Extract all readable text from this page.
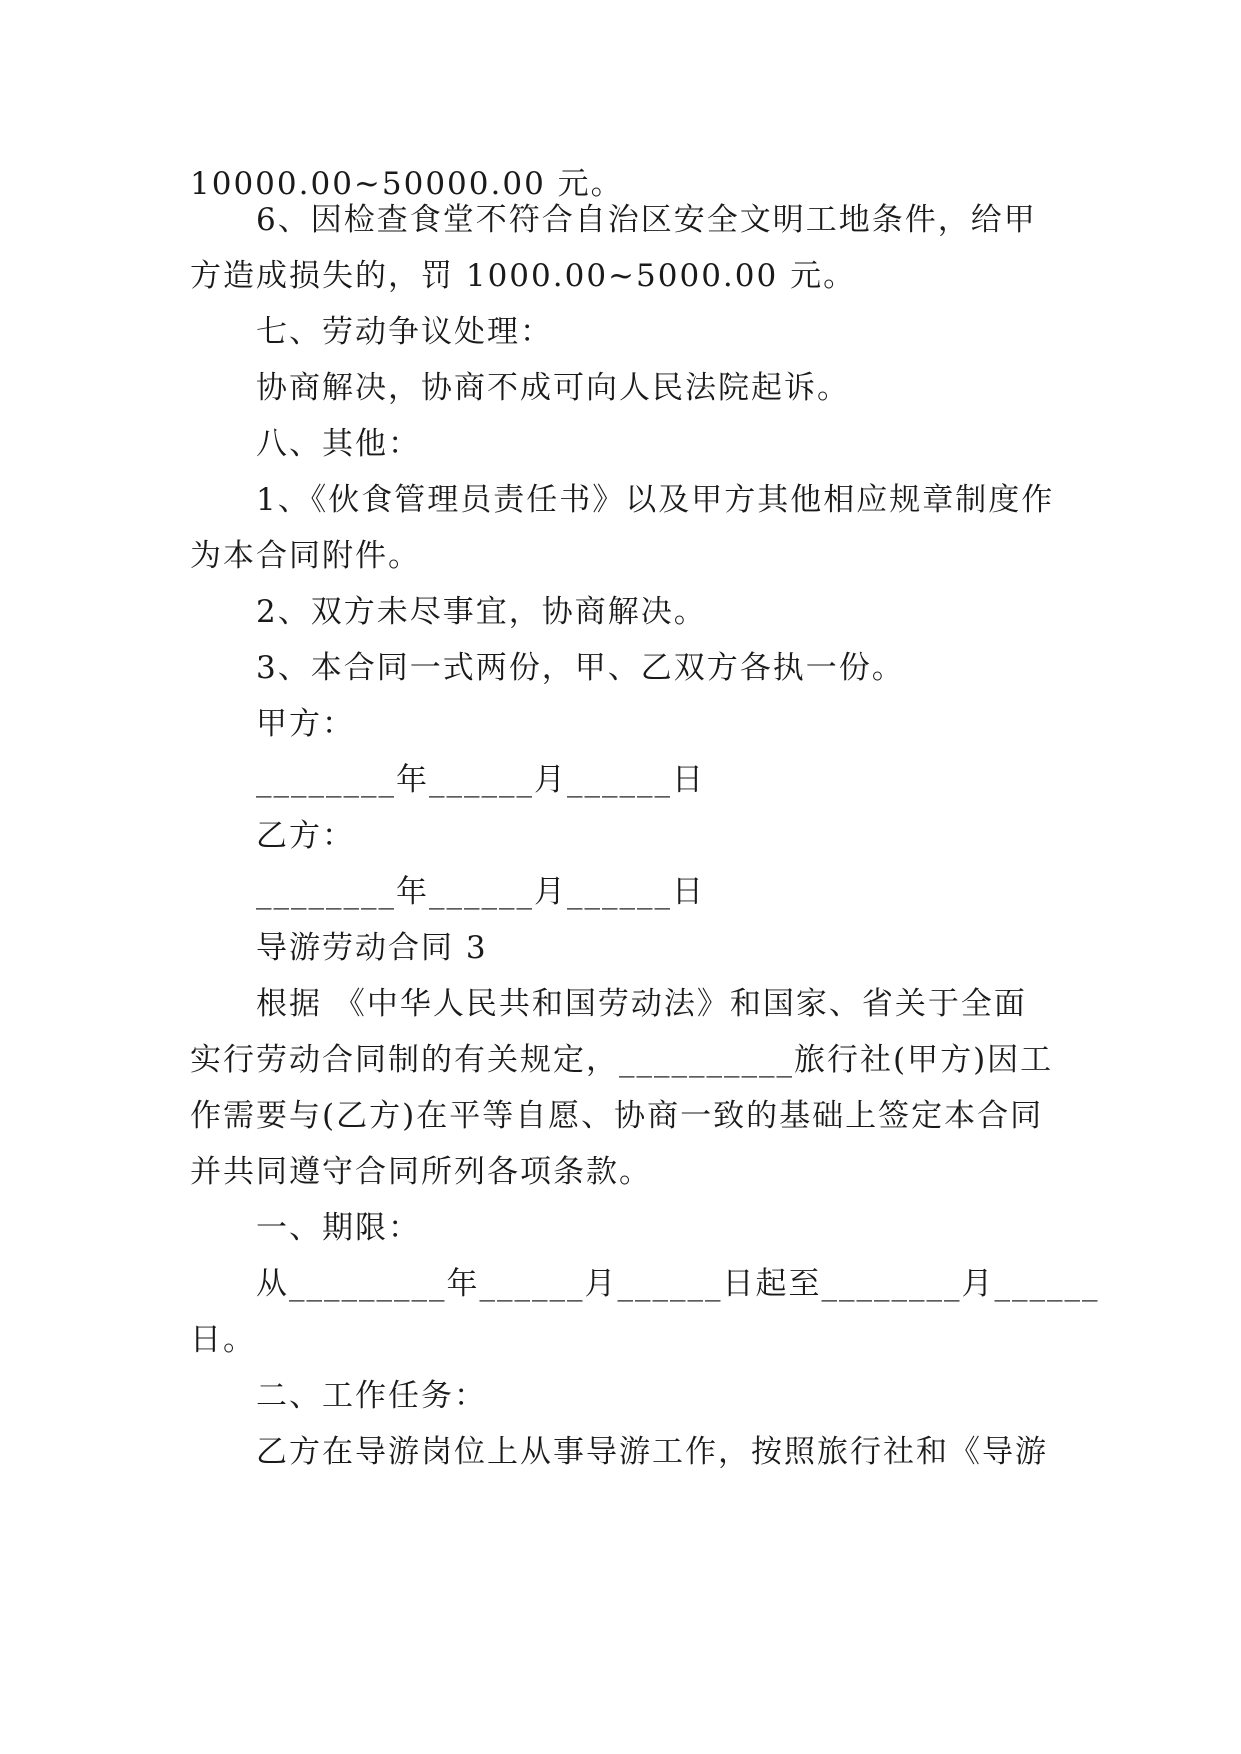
10000.00~50000.00 元。
6、因检查食堂不符合自治区安全文明工地条件，给甲
方造成损失的，罚 1000.00~5000.00 元。
七、劳动争议处理：
协商解决，协商不成可向人民法院起诉。
八、其他：
1、《伙食管理员责任书》以及甲方其他相应规章制度作
为本合同附件。
2、双方未尽事宜，协商解决。
3、本合同一式两份，甲、乙双方各执一份。
甲方：
________年______月______日
乙方：
________年______月______日
导游劳动合同 3
根据 《中华人民共和国劳动法》和国家、省关于全面
实行劳动合同制的有关规定，__________旅行社(甲方)因工
作需要与(乙方)在平等自愿、协商一致的基础上签定本合同
并共同遵守合同所列各项条款。
一、期限：
从_________年______月______日起至________月______
日。
二、工作任务：
乙方在导游岗位上从事导游工作，按照旅行社和《导游
